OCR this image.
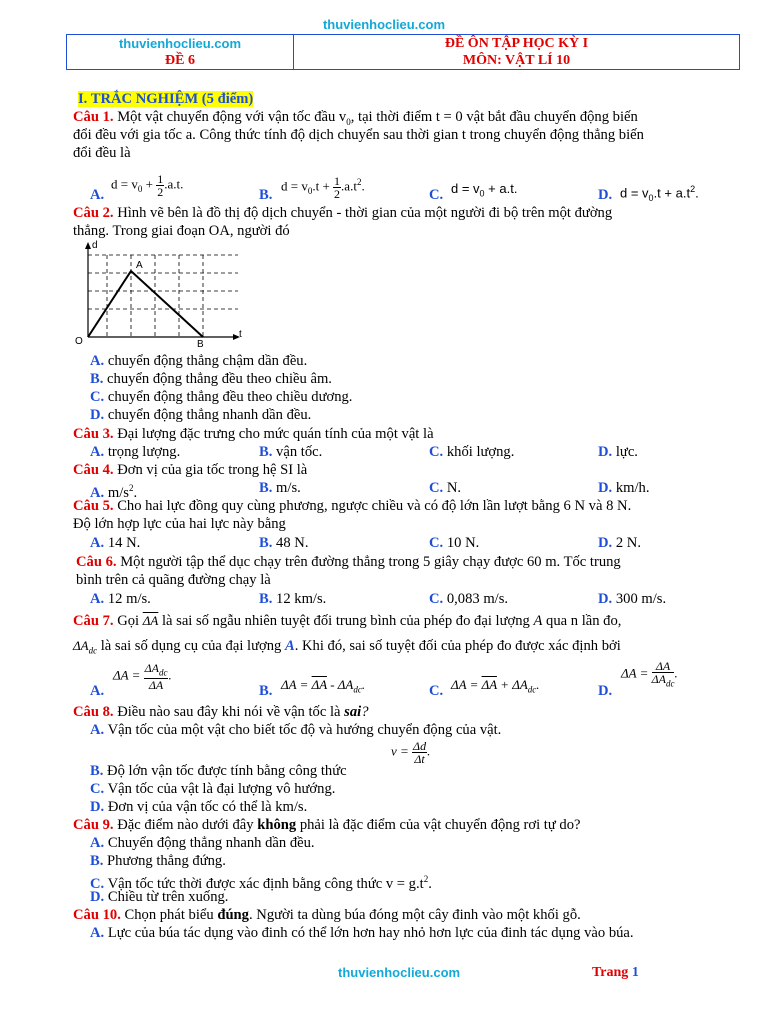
thuvienhoclieu.com
thuvienhoclieu.com
ĐỀ 6

ĐỀ ÔN TẬP HỌC KỲ I
MÔN: VẬT LÍ 10
I. TRẮC NGHIỆM (5 điểm)
Câu 1. Một vật chuyển động với vận tốc đầu $v_0$, tại thời điểm t = 0 vật bắt đầu chuyển động biến
đổi đều với gia tốc a. Công thức tính độ dịch chuyển sau thời gian t trong chuyển động thẳng biến
đổi đều là
A.
$d = v_0 + \frac{1}{2} .a.t$.
B.
$d = v_0.t + \frac{1}{2} .a.t^2$.
C. $d = v_0 + a.t$.	D. $d = v_0.t + a.t^2$.
Câu 2. Hình vẽ bên là đồ thị độ dịch chuyển - thời gian của một người đi bộ trên một đường
thẳng. Trong giai đoạn OA, người đó
d
t
O
A
B
A. chuyển động thẳng chậm dần đều.
B. chuyển động thẳng đều theo chiều âm.
C. chuyển động thẳng đều theo chiều dương.
D. chuyển động thẳng nhanh dần đều.
Câu 3. Đại lượng đặc trưng cho mức quán tính của một vật là
A. trọng lượng.	B. vận tốc.	C. khối lượng.	D. lực.
Câu 4. Đơn vị của gia tốc trong hệ SI là
A. $m/s^2$.	B. m/s.	C. N.	D. km/h.
Câu 5. Cho hai lực đồng quy cùng phương, ngược chiều và có độ lớn lần lượt bằng 6 N và 8 N.
Độ lớn hợp lực của hai lực này bằng
A. 14 N.	B. 48 N.	C. 10 N.	D. 2 N.
Câu 6. Một người tập thể dục chạy trên đường thẳng trong 5 giây chạy được 60 m. Tốc trung
bình trên cả quãng đường chạy là
A. 12 m/s.	B. 12 km/s.	C. 0,083 m/s.	D. 300 m/s.
Câu 7. Gọi $\overline{\Delta A}$ là sai số ngẫu nhiên tuyệt đối trung bình của phép đo đại lượng A qua n lần đo,
$\Delta A_{dc}$ là sai số dụng cụ của đại lượng A. Khi đó, sai số tuyệt đối của phép đo được xác định bởi
A.
$\Delta A = \frac{\Delta A_{dc}}{\Delta A}$ .
B. $\Delta A = \overline{\Delta A} - \Delta A_{dc}$.	C. $\Delta A = \overline{\Delta A} + \Delta A_{dc}$.	D.
$\Delta A = \frac{\Delta A}{\Delta A_{dc}}$ .
Câu 8. Điều nào sau đây khi nói về vận tốc là sai?
A. Vận tốc của một vật cho biết tốc độ và hướng chuyển động của vật.
B. Độ lớn vận tốc được tính bằng công thức
$v = \frac{\Delta d}{\Delta t}$ .
C. Vận tốc của vật là đại lượng vô hướng.
D. Đơn vị của vận tốc có thể là km/s.
Câu 9. Đặc điểm nào dưới đây không phải là đặc điểm của vật chuyển động rơi tự do?
A. Chuyển động thẳng nhanh dần đều.
B. Phương thẳng đứng.
C. Vận tốc tức thời được xác định bằng công thức $v = g.t^2$.
D. Chiều từ trên xuống.
Câu 10. Chọn phát biểu đúng. Người ta dùng búa đóng một cây đinh vào một khối gỗ.
A. Lực của búa tác dụng vào đinh có thể lớn hơn hay nhỏ hơn lực của đinh tác dụng vào búa.
thuvienhoclieu.com	Trang 1
